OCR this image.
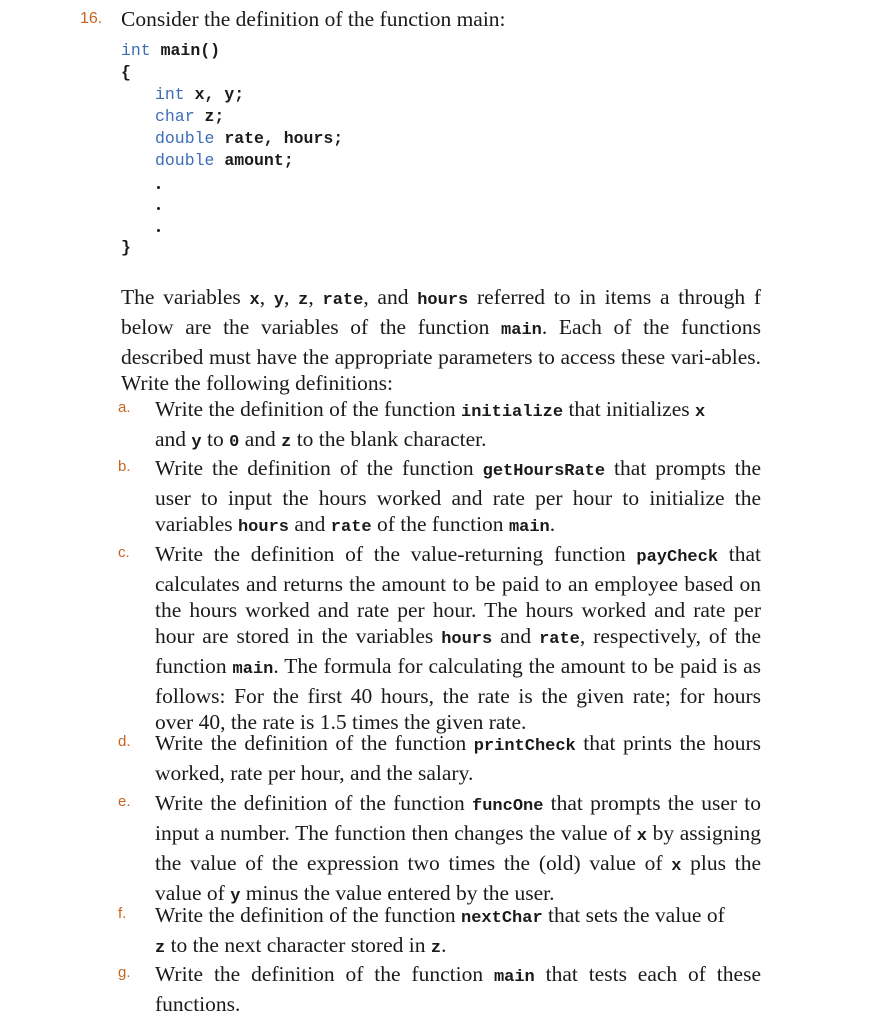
16. Consider the definition of the function main:
int main()
{
int x, y;
char z;
double rate, hours;
double amount;
}
The variables x, y, z, rate, and hours referred to in items a through f below are the variables of the function main. Each of the functions described must have the appropriate parameters to access these vari-ables. Write the following definitions:
a.	Write the definition of the function initialize that initializes x
and y to 0 and z to the blank character.
b.	Write the definition of the function getHoursRate that prompts the user to input the hours worked and rate per hour to initialize the variables hours and rate of the function main.
c.	Write the definition of the value-returning function payCheck that calculates and returns the amount to be paid to an employee based on the hours worked and rate per hour. The hours worked and rate per hour are stored in the variables hours and rate, respectively, of the function main. The formula for calculating the amount to be paid is as follows: For the first 40 hours, the rate is the given rate; for hours over 40, the rate is 1.5 times the given rate.
d.	Write the definition of the function printCheck that prints the hours worked, rate per hour, and the salary.
e.	Write the definition of the function funcOne that prompts the user to input a number. The function then changes the value of x by assigning the value of the expression two times the (old) value of x plus the value of y minus the value entered by the user.
f.	Write the definition of the function nextChar that sets the value of
z to the next character stored in z.
g.	Write the definition of the function main that tests each of these functions.
